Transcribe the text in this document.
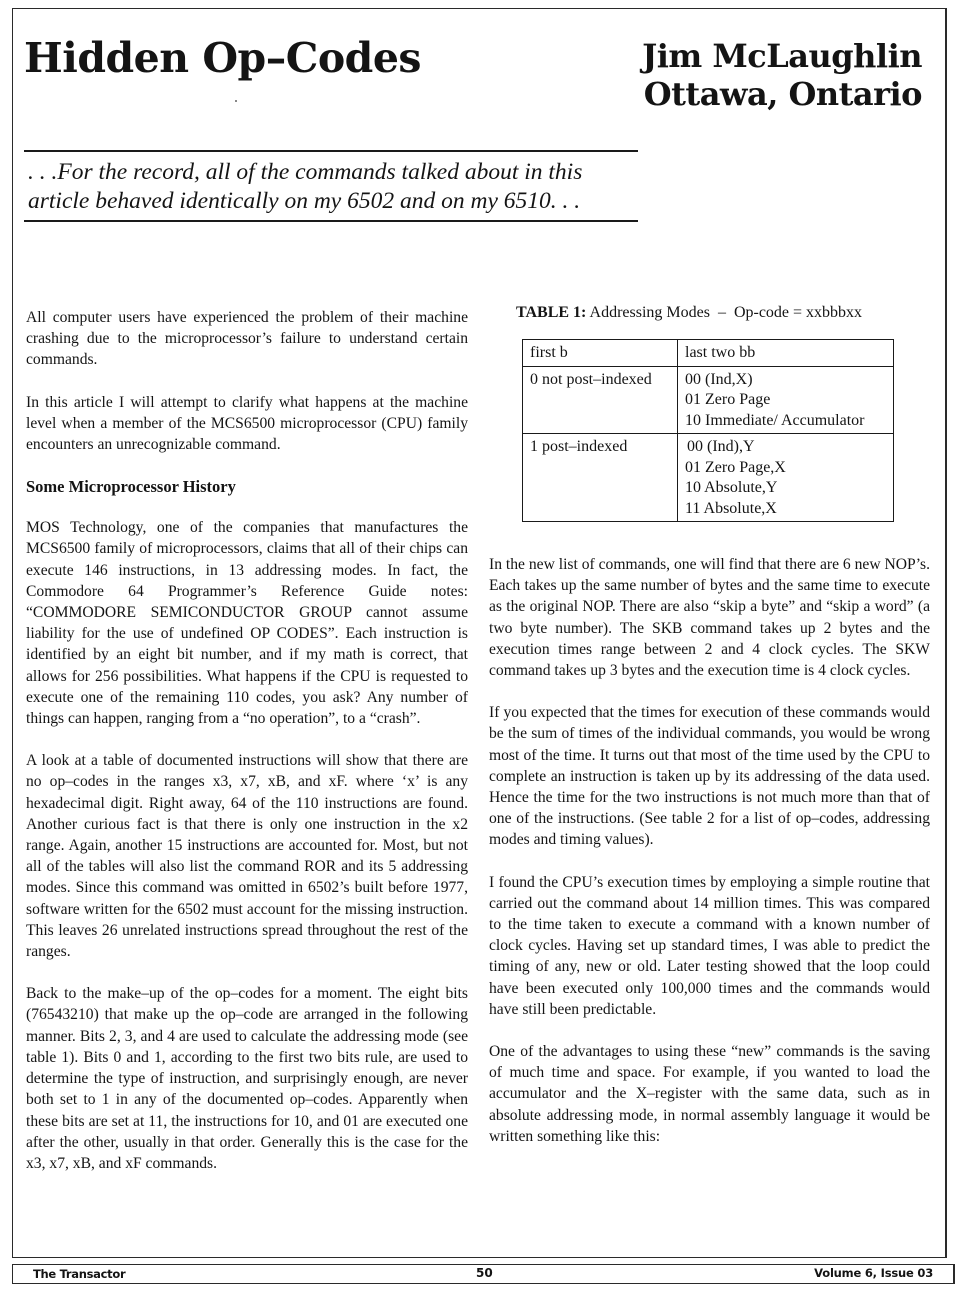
Hidden Op–Codes	Jim McLaughlin
Ottawa, Ontario
. . .For the record, all of the commands talked about in this
article behaved identically on my 6502 and on my 6510. . .

All computer users have experienced the problem of their machine crashing due to the microprocessor’s failure to understand certain commands.

In this article I will attempt to clarify what happens at the machine level when a member of the MCS6500 microprocessor (CPU) family encounters an unrecognizable command.

Some Microprocessor History

MOS Technology, one of the companies that manufactures the MCS6500 family of microprocessors, claims that all of their chips can execute 146 instructions, in 13 addressing modes. In fact, the Commodore 64 Programmer’s Reference Guide notes: “COMMODORE SEMICONDUCTOR GROUP cannot assume liability for the use of undefined OP CODES”. Each instruction is identified by an eight bit number, and if my math is correct, that allows for 256 possibilities. What happens if the CPU is requested to execute one of the remaining 110 codes, you ask? Any number of things can happen, ranging from a “no operation”, to a “crash”.

A look at a table of documented instructions will show that there are no op–codes in the ranges x3, x7, xB, and xF. where ‘x’ is any hexadecimal digit. Right away, 64 of the 110 instructions are found. Another curious fact is that there is only one instruction in the x2 range. Again, another 15 instructions are accounted for. Most, but not all of the tables will also list the command ROR and its 5 addressing modes. Since this command was omitted in 6502’s built before 1977, software written for the 6502 must account for the missing instruction. This leaves 26 unrelated instructions spread throughout the rest of the ranges.

Back to the make–up of the op–codes for a moment. The eight bits (76543210) that make up the op–code are arranged in the following manner. Bits 2, 3, and 4 are used to calculate the addressing mode (see table 1). Bits 0 and 1, according to the first two bits rule, are used to determine the type of instruction, and surprisingly enough, are never both set to 1 in any of the documented op–codes. Apparently when these bits are set at 11, the instructions for 10, and 01 are executed one after the other, usually in that order. Generally this is the case for the x3, x7, xB, and xF commands.

TABLE 1: Addressing Modes  –  Op-code = xxbbbxx
first b	last two bb
0 not post–indexed	00 (Ind,X)
01 Zero Page
10 Immediate/ Accumulator

1 post–indexed	00 (Ind),Y
01 Zero Page,X
10 Absolute,Y
11 Absolute,X

In the new list of commands, one will find that there are 6 new NOP’s. Each takes up the same number of bytes and the same time to execute as the original NOP. There are also “skip a byte” and “skip a word” (a two byte number). The SKB command takes up 2 bytes and the execution times range between 2 and 4 clock cycles. The SKW command takes up 3 bytes and the execution time is 4 clock cycles.

If you expected that the times for execution of these commands would be the sum of times of the individual commands, you would be wrong most of the time. It turns out that most of the time used by the CPU to complete an instruction is taken up by its addressing of the data used. Hence the time for the two instructions is not much more than that of one of the instructions. (See table 2 for a list of op–codes, addressing modes and timing values).

I found the CPU’s execution times by employing a simple routine that carried out the command about 14 million times. This was compared to the time taken to execute a command with a known number of clock cycles. Having set up standard times, I was able to predict the timing of any, new or old. Later testing showed that the loop could have been executed only 100,000 times and the commands would have still been predictable.

One of the advantages to using these “new” commands is the saving of much time and space. For example, if you wanted to load the accumulator and the X–register with the same data, such as in absolute addressing mode, in normal assembly language it would be written something like this:

The Transactor	50	Volume 6, Issue 03
